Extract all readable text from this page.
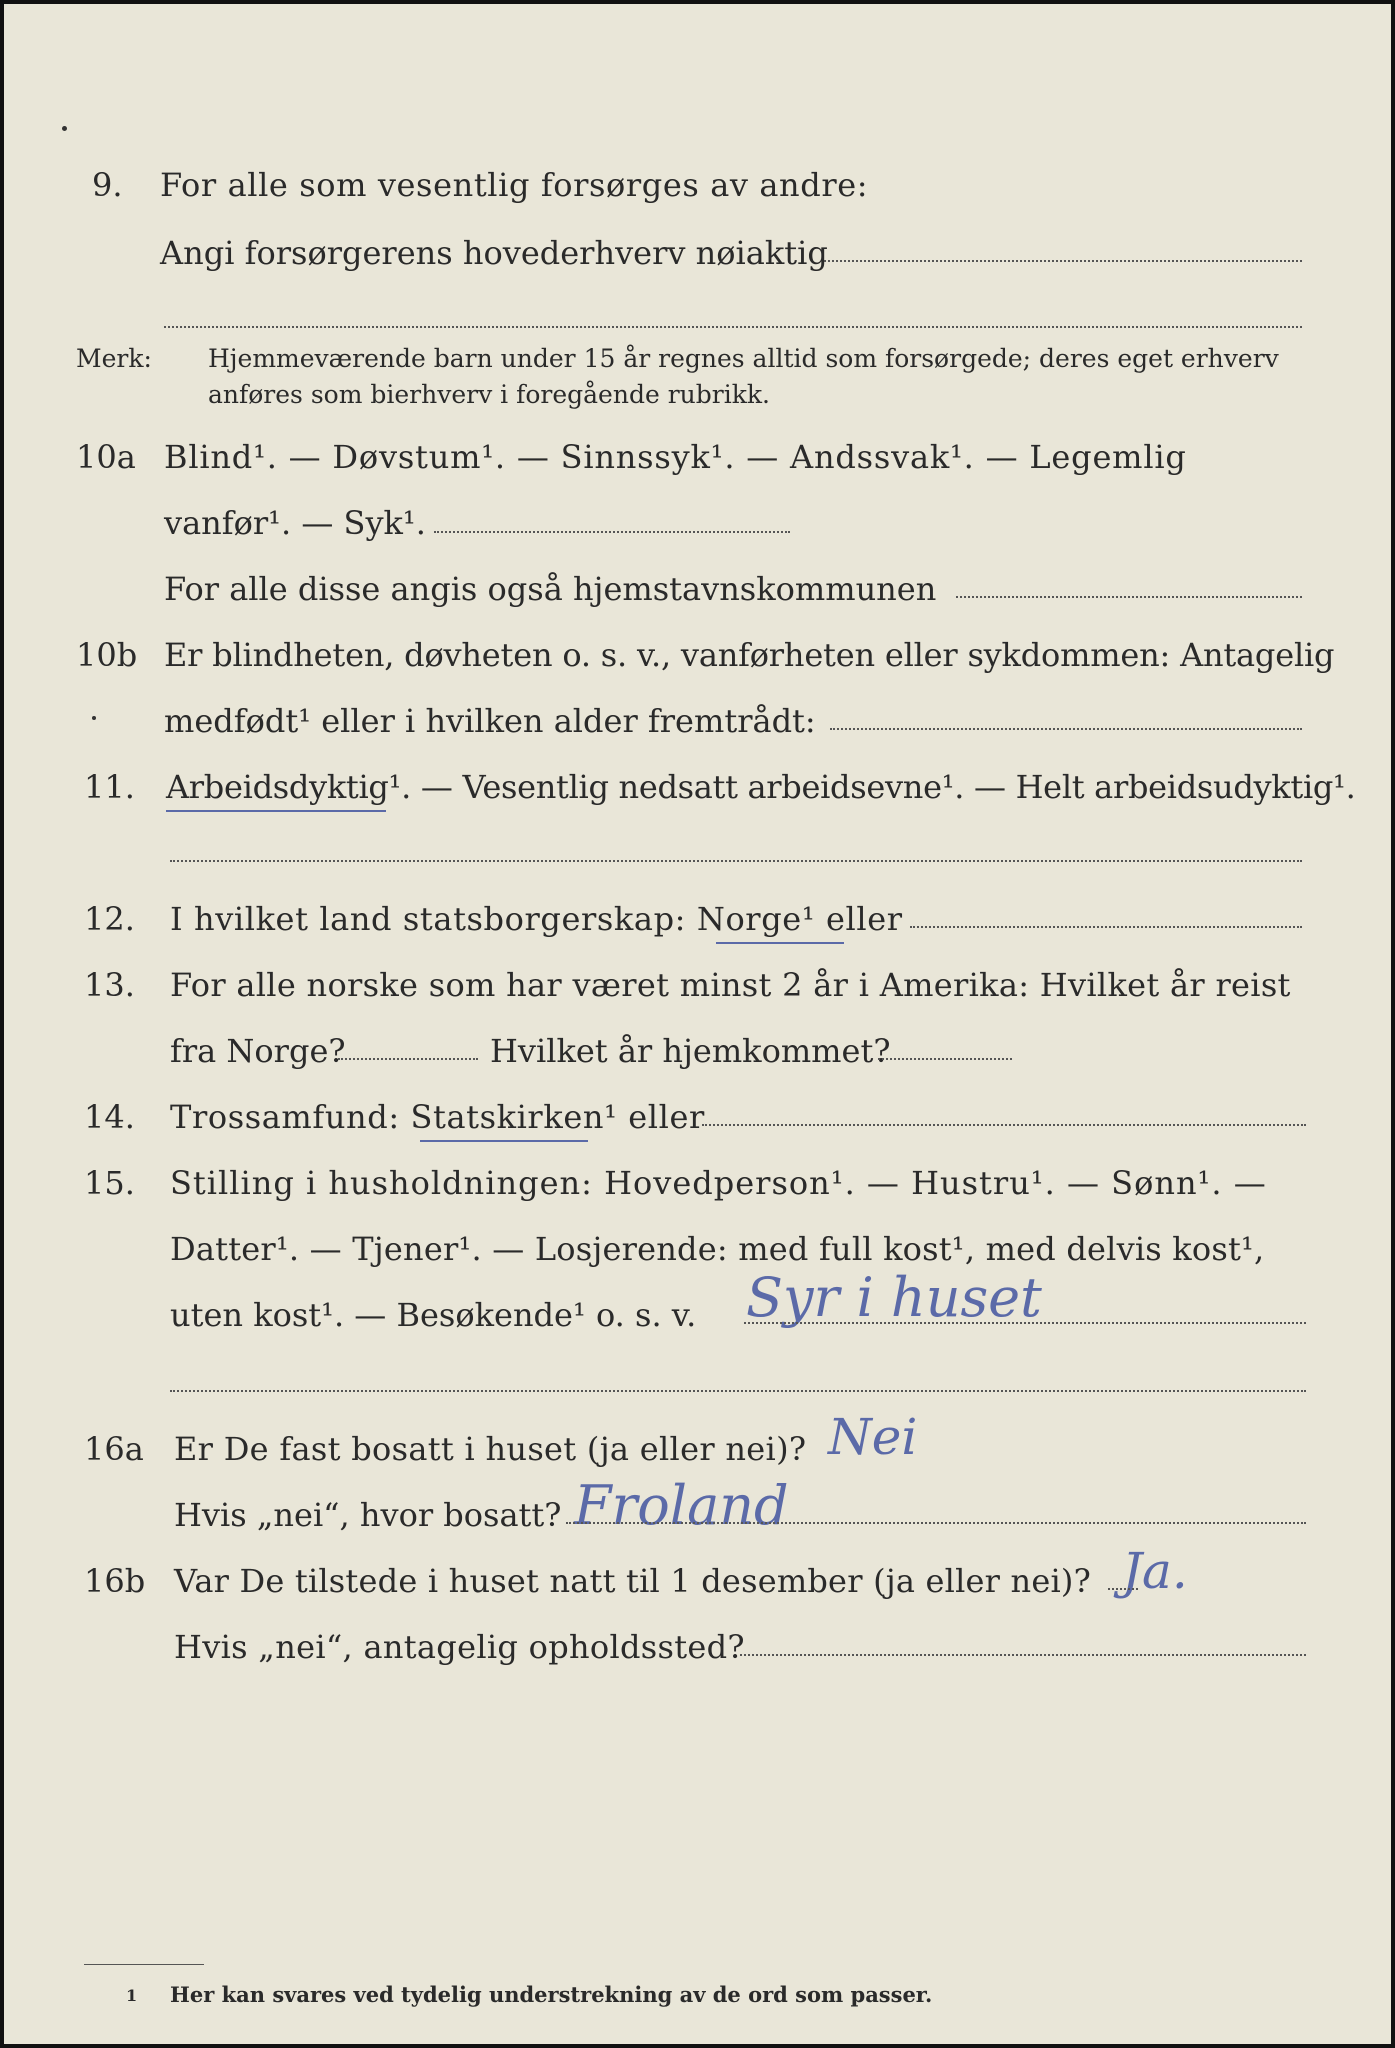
9. For alle som vesentlig forsørges av andre:
Angi forsørgerens hovederhverv nøiaktig
Merk: Hjemmeværende barn under 15 år regnes alltid som forsørgede; deres eget erhverv
anføres som bierhverv i foregående rubrikk.
10a Blind¹. — Døvstum¹. — Sinnssyk¹. — Andssvak¹. — Legemlig
vanfør¹. — Syk¹.
For alle disse angis også hjemstavnskommunen
10b Er blindheten, døvheten o. s. v., vanførheten eller sykdommen: Antagelig
medfødt¹ eller i hvilken alder fremtrådt:
11. Arbeidsdyktig¹. — Vesentlig nedsatt arbeidsevne¹. — Helt arbeidsudyktig¹.
12. I hvilket land statsborgerskap: Norge¹ eller
13. For alle norske som har været minst 2 år i Amerika: Hvilket år reist
fra Norge?	Hvilket år hjemkommet?
14. Trossamfund: Statskirken¹ eller
15. Stilling i husholdningen: Hovedperson¹. — Hustru¹. — Sønn¹. —
Datter¹. — Tjener¹. — Losjerende: med full kost¹, med delvis kost¹,
uten kost¹. — Besøkende¹ o. s. v. Syr i huset
16a Er De fast bosatt i huset (ja eller nei)? Nei
Hvis „nei“, hvor bosatt? Froland
16b Var De tilstede i huset natt til 1 desember (ja eller nei)? Ja.
Hvis „nei“, antagelig opholdssted?
1 Her kan svares ved tydelig understrekning av de ord som passer.
